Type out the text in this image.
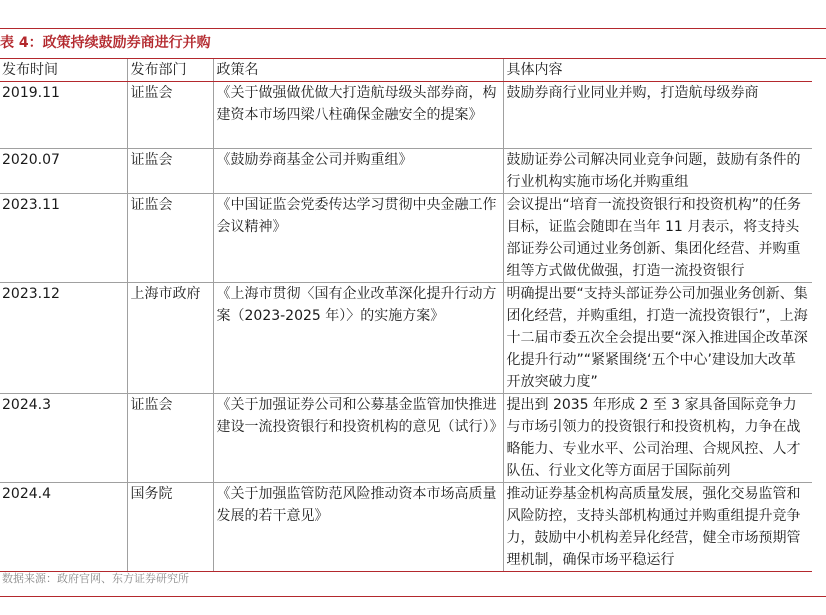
表 4：政策持续鼓励券商进行并购
发布时间	发布部门	政策名	具体内容
2019.11	证监会	《关于做强做优做大打造航母级头部券商，构建资本市场四梁八柱确保金融安全的提案》	鼓励券商行业同业并购，打造航母级券商
2020.07	证监会	《鼓励券商基金公司并购重组》	鼓励证券公司解决同业竞争问题，鼓励有条件的行业机构实施市场化并购重组
2023.11	证监会	《中国证监会党委传达学习贯彻中央金融工作会议精神》	会议提出“培育一流投资银行和投资机构”的任务目标，证监会随即在当年 11 月表示，将支持头部证券公司通过业务创新、集团化经营、并购重组等方式做优做强，打造一流投资银行
2023.12	上海市政府	《上海市贯彻〈国有企业改革深化提升行动方案（2023-2025 年）〉的实施方案》	明确提出要“支持头部证券公司加强业务创新、集团化经营，并购重组，打造一流投资银行”，上海十二届市委五次全会提出要“深入推进国企改革深化提升行动”“紧紧围绕‘五个中心’建设加大改革开放突破力度”
2024.3	证监会	《关于加强证券公司和公募基金监管加快推进建设一流投资银行和投资机构的意见（试行）》	提出到 2035 年形成 2 至 3 家具备国际竞争力与市场引领力的投资银行和投资机构，力争在战略能力、专业水平、公司治理、合规风控、人才队伍、行业文化等方面居于国际前列
2024.4	国务院	《关于加强监管防范风险推动资本市场高质量发展的若干意见》	推动证券基金机构高质量发展，强化交易监管和风险防控，支持头部机构通过并购重组提升竞争力，鼓励中小机构差异化经营，健全市场预期管理机制，确保市场平稳运行
数据来源：政府官网、东方证券研究所
